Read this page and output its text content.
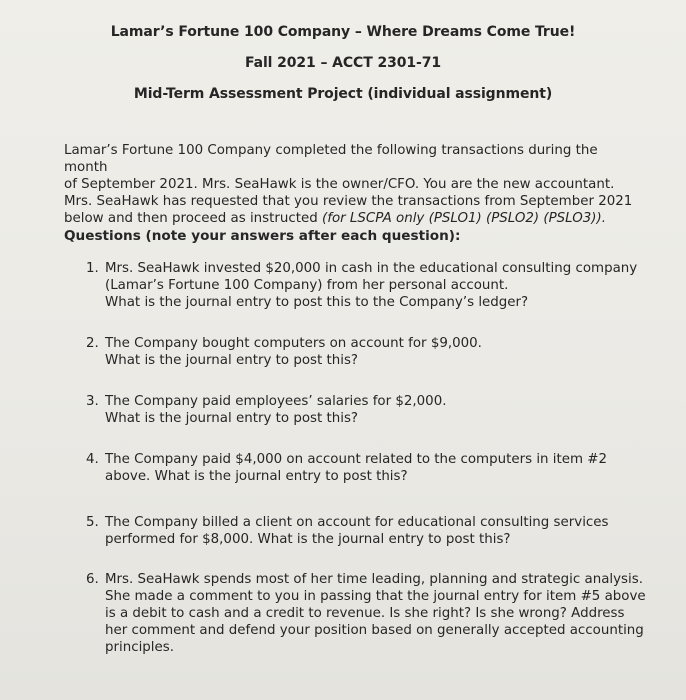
Lamar’s Fortune 100 Company – Where Dreams Come True!
Fall 2021 – ACCT 2301-71
Mid-Term Assessment Project (individual assignment)
Lamar’s Fortune 100 Company completed the following transactions during the month
of September 2021. Mrs. SeaHawk is the owner/CFO. You are the new accountant.
Mrs. SeaHawk has requested that you review the transactions from September 2021
below and then proceed as instructed (for LSCPA only (PSLO1) (PSLO2) (PSLO3)).
Questions (note your answers after each question):
1. Mrs. SeaHawk invested $20,000 in cash in the educational consulting company
(Lamar’s Fortune 100 Company) from her personal account.
What is the journal entry to post this to the Company’s ledger?
2. The Company bought computers on account for $9,000.
What is the journal entry to post this?
3. The Company paid employees’ salaries for $2,000.
What is the journal entry to post this?
4. The Company paid $4,000 on account related to the computers in item #2
above. What is the journal entry to post this?
5. The Company billed a client on account for educational consulting services
performed for $8,000. What is the journal entry to post this?
6. Mrs. SeaHawk spends most of her time leading, planning and strategic analysis.
She made a comment to you in passing that the journal entry for item #5 above
is a debit to cash and a credit to revenue. Is she right? Is she wrong? Address
her comment and defend your position based on generally accepted accounting
principles.
